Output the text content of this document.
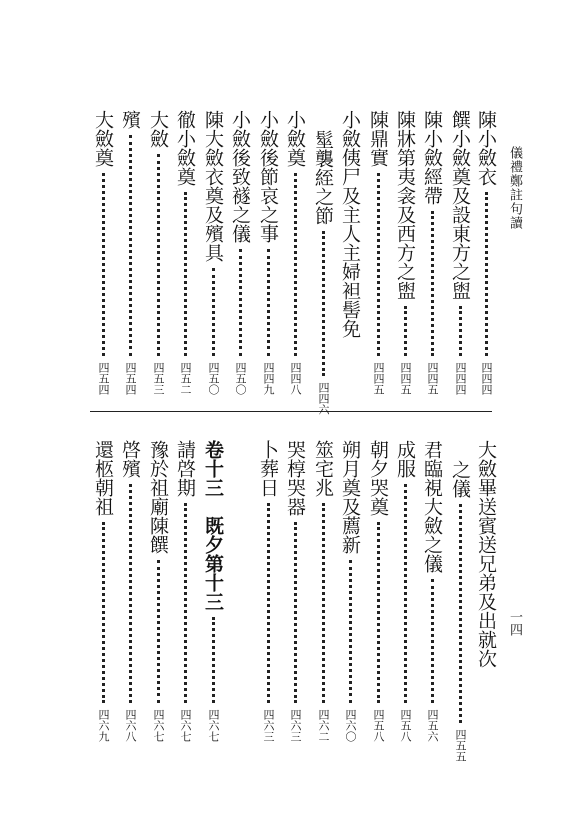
儀禮鄭註句讀
一四
陳小斂衣
四四四
饌小斂奠及設東方之盥
四四四
陳小斂經帶
四四五
陳牀第夷衾及西方之盥
四四五
陳鼎實
四四五
小斂侇尸及主人主婦袒髻免
髽襲絰之節
四四六
小斂奠
四四八
小斂後節哀之事
四四九
小斂後致襚之儀
四五〇
陳大斂衣奠及殯具
四五〇
徹小斂奠
四五二
大斂
四五三
殯
四五四
大斂奠
四五四
大斂畢送賓送兄弟及出就次
之儀
四五五
君臨視大斂之儀
四五六
成服
四五八
朝夕哭奠
四五八
朔月奠及薦新
四六〇
筮宅兆
四六二
哭椁哭器
四六三
卜葬日
四六三
卷十三　既夕第十三
四六七
請啓期
四六七
豫於祖廟陳饌
四六七
啓殯
四六八
還柩朝祖
四六九
